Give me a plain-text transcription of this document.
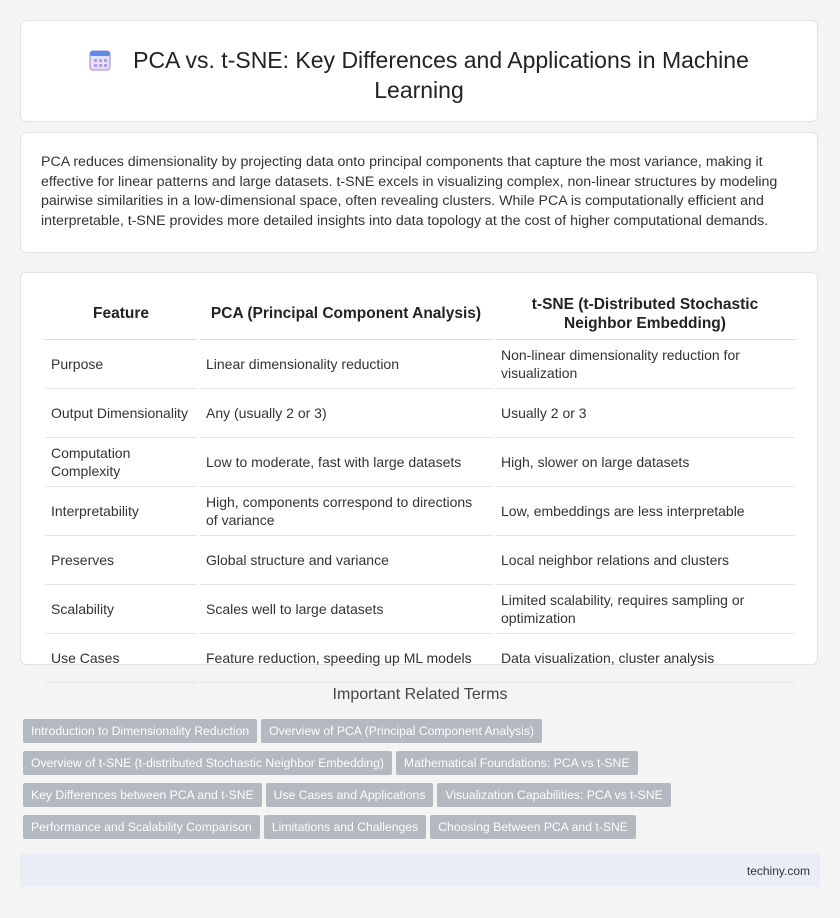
PCA vs. t-SNE: Key Differences and Applications in Machine Learning
PCA reduces dimensionality by projecting data onto principal components that capture the most variance, making it effective for linear patterns and large datasets. t-SNE excels in visualizing complex, non-linear structures by modeling pairwise similarities in a low-dimensional space, often revealing clusters. While PCA is computationally efficient and interpretable, t-SNE provides more detailed insights into data topology at the cost of higher computational demands.
Feature	PCA (Principal Component Analysis)	t-SNE (t-Distributed Stochastic Neighbor Embedding)
Purpose	Linear dimensionality reduction	Non-linear dimensionality reduction for visualization
Output Dimensionality	Any (usually 2 or 3)	Usually 2 or 3
Computation Complexity	Low to moderate, fast with large datasets	High, slower on large datasets
Interpretability	High, components correspond to directions of variance	Low, embeddings are less interpretable
Preserves	Global structure and variance	Local neighbor relations and clusters
Scalability	Scales well to large datasets	Limited scalability, requires sampling or optimization
Use Cases	Feature reduction, speeding up ML models	Data visualization, cluster analysis
Important Related Terms
Introduction to Dimensionality Reduction Overview of PCA (Principal Component Analysis)
Overview of t-SNE (t-distributed Stochastic Neighbor Embedding) Mathematical Foundations: PCA vs t-SNE
Key Differences between PCA and t-SNE Use Cases and Applications Visualization Capabilities: PCA vs t-SNE
Performance and Scalability Comparison Limitations and Challenges Choosing Between PCA and t-SNE
techiny.com
